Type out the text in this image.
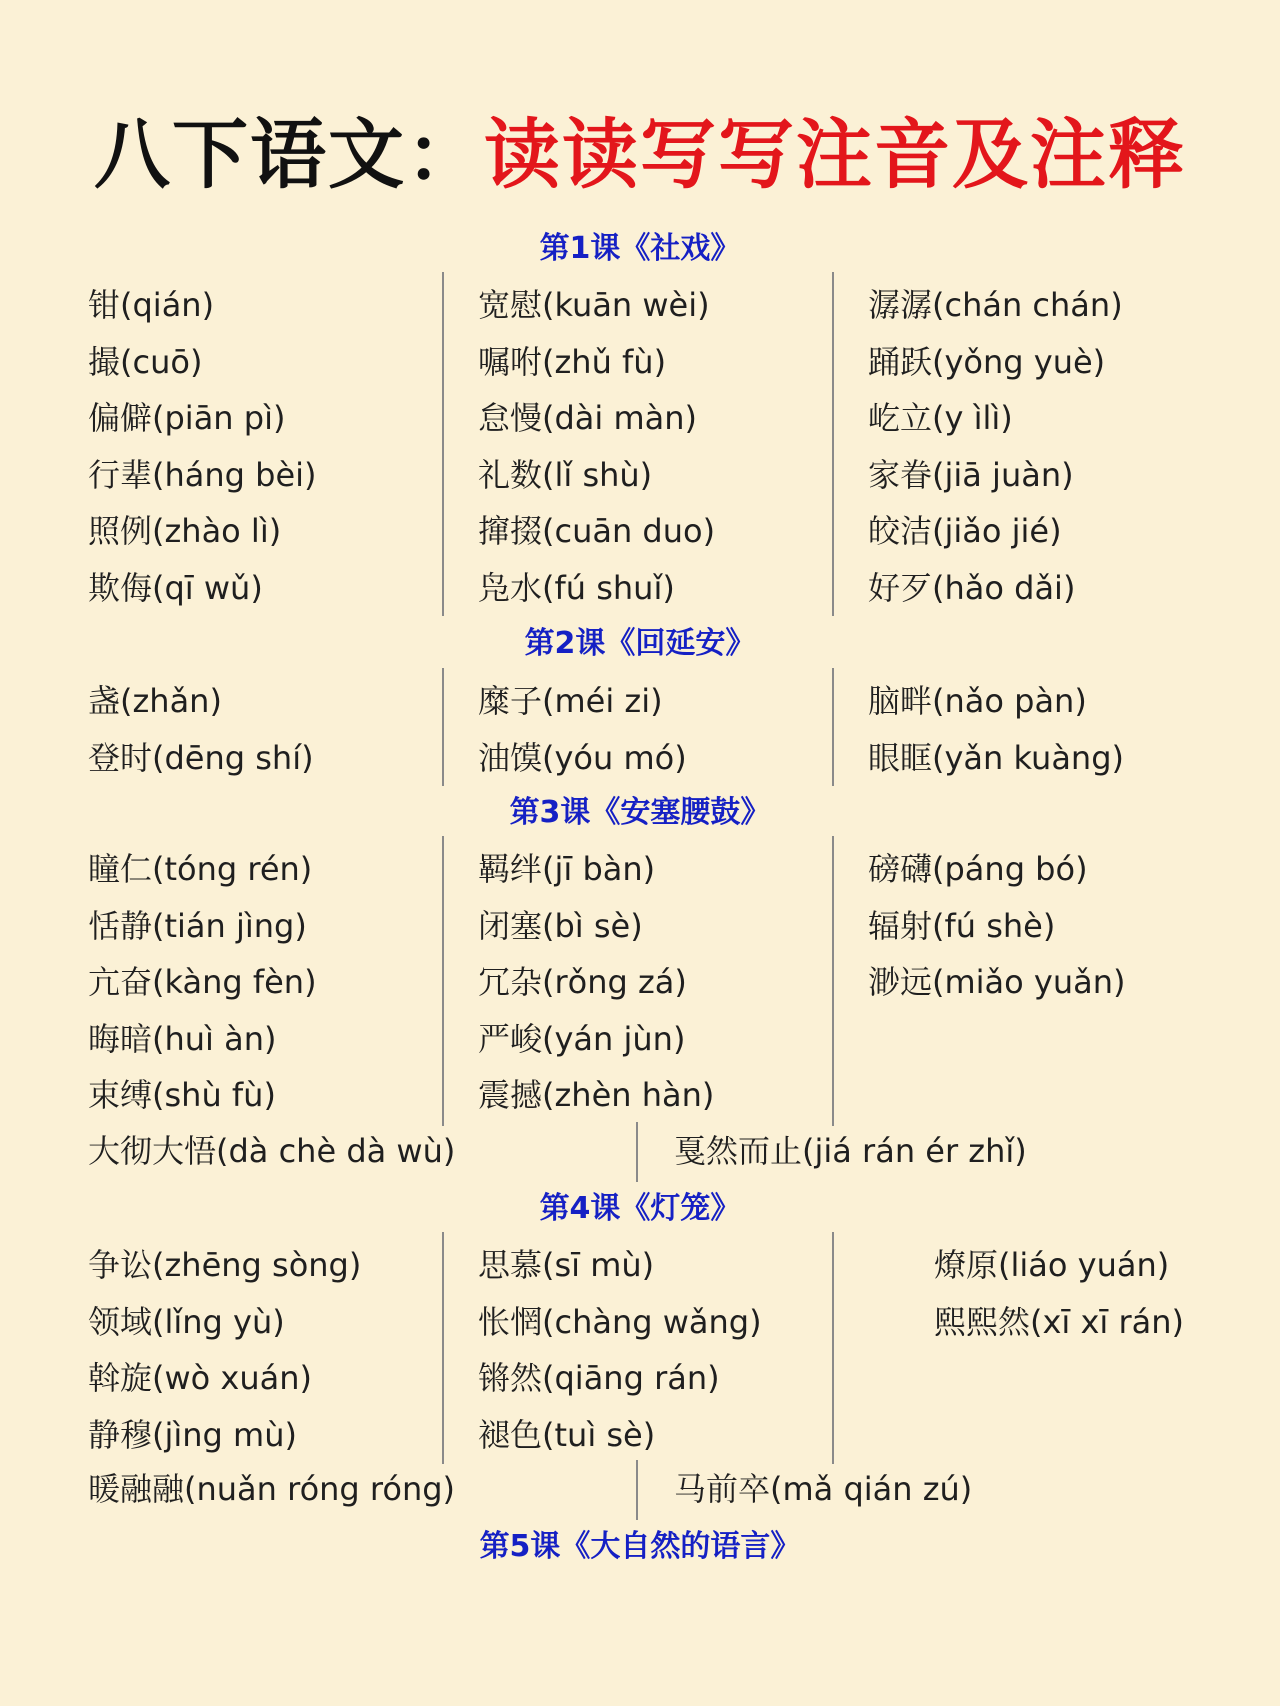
八下语文：读读写写注音及注释
第1课《社戏》
钳(qián)
撮(cuō)
偏僻(piān pì)
行辈(háng bèi)
照例(zhào lì)
欺侮(qī wǔ)
宽慰(kuān wèi)
嘱咐(zhǔ fù)
怠慢(dài màn)
礼数(lǐ shù)
撺掇(cuān duo)
凫水(fú shuǐ)
潺潺(chán chán)
踊跃(yǒng yuè)
屹立(y ìlì)
家眷(jiā juàn)
皎洁(jiǎo jié)
好歹(hǎo dǎi)
第2课《回延安》
盏(zhǎn)
登时(dēng shí)
糜子(méi zi)
油馍(yóu mó)
脑畔(nǎo pàn)
眼眶(yǎn kuàng)
第3课《安塞腰鼓》
瞳仁(tóng rén)
恬静(tián jìng)
亢奋(kàng fèn)
晦暗(huì àn)
束缚(shù fù)
羁绊(jī bàn)
闭塞(bì sè)
冗杂(rǒng zá)
严峻(yán jùn)
震撼(zhèn hàn)
磅礴(páng bó)
辐射(fú shè)
渺远(miǎo yuǎn)
大彻大悟(dà chè dà wù)	戛然而止(jiá rán ér zhǐ)
第4课《灯笼》
争讼(zhēng sòng)
领域(lǐng yù)
斡旋(wò xuán)
静穆(jìng mù)
思慕(sī mù)
怅惘(chàng wǎng)
锵然(qiāng rán)
褪色(tuì sè)
燎原(liáo yuán)
熙熙然(xī xī rán)
暖融融(nuǎn róng róng)	马前卒(mǎ qián zú)
第5课《大自然的语言》
